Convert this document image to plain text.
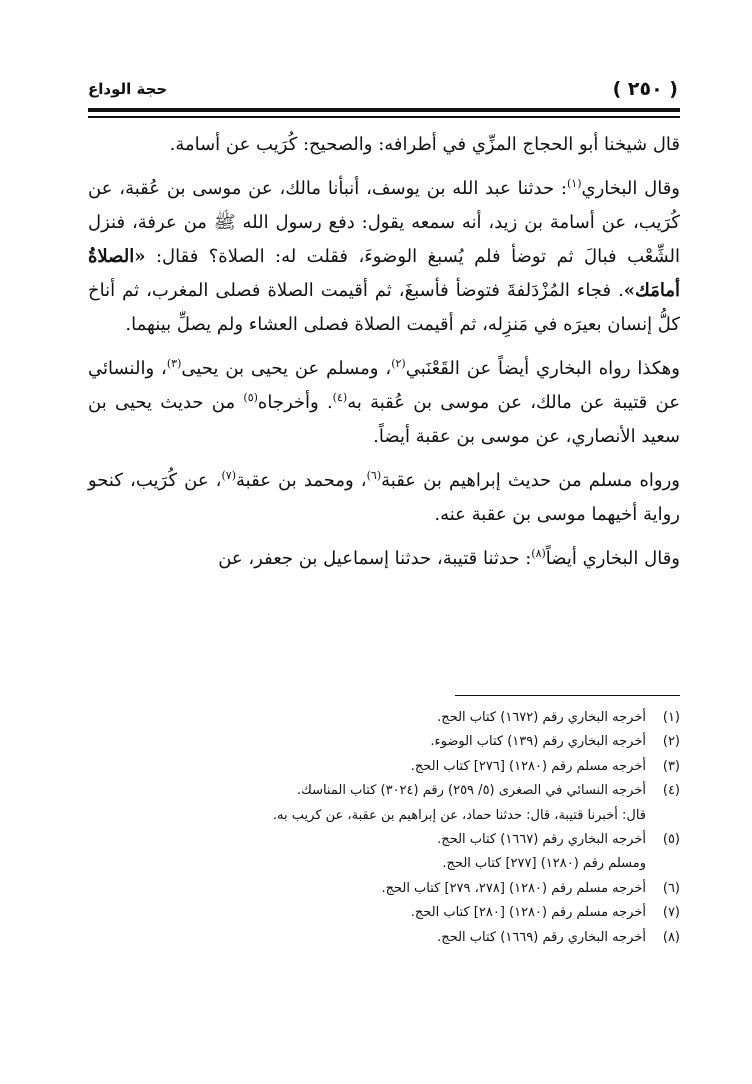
( ٢٥٠ )
حجة الوداع

قال شيخنا أبو الحجاج المزِّي في أطرافه: والصحيح: كُرَيب عن أسامة.

وقال البخاري$^{(١)}$: حدثنا عبد الله بن يوسف، أنبأنا مالك، عن موسى بن عُقبة، عن كُرَيب، عن أسامة بن زيد، أنه سمعه يقول: دفع رسول الله ﷺ من عرفة، فنزل الشِّعْب فبالَ ثم توضأ فلم يُسبغ الوضوءَ، فقلت له: الصلاة؟ فقال: «الصلاةُ أمامَك». فجاء المُزْدَلفةَ فتوضأ فأسبغَ، ثم أقيمت الصلاة فصلى المغرب، ثم أناخ كلُّ إنسان بعيرَه في مَنزِله، ثم أقيمت الصلاة فصلى العشاء ولم يصلِّ بينهما.

وهكذا رواه البخاري أيضاً عن القَعْنَبي$^{(٢)}$، ومسلم عن يحيى بن يحيى$^{(٣)}$، والنسائي عن قتيبة عن مالك، عن موسى بن عُقبة به$^{(٤)}$. وأخرجاه$^{(٥)}$ من حديث يحيى بن سعيد الأنصاري، عن موسى بن عقبة أيضاً.

ورواه مسلم من حديث إبراهيم بن عقبة$^{(٦)}$، ومحمد بن عقبة$^{(٧)}$، عن كُرَيب، كنحو رواية أخيهما موسى بن عقبة عنه.

وقال البخاري أيضاً$^{(٨)}$: حدثنا قتيبة، حدثنا إسماعيل بن جعفر، عن

(١)أخرجه البخاري رقم (١٦٧٢) كتاب الحج.
(٢)أخرجه البخاري رقم (١٣٩) كتاب الوضوء.
(٣)أخرجه مسلم رقم (١٢٨٠) [٢٧٦] كتاب الحج.
(٤)أخرجه النسائي في الصغرى (٥/ ٢٥٩) رقم (٣٠٢٤) كتاب المناسك.
قال: أخبرنا قتيبة، قال: حدثنا حماد، عن إبراهيم بن عقبة، عن كريب به.
(٥)أخرجه البخاري رقم (١٦٦٧) كتاب الحج.
ومسلم رقم (١٢٨٠) [٢٧٧] كتاب الحج.
(٦)أخرجه مسلم رقم (١٢٨٠) [٢٧٨، ٢٧٩] كتاب الحج.
(٧)أخرجه مسلم رقم (١٢٨٠) [٢٨٠] كتاب الحج.
(٨)أخرجه البخاري رقم (١٦٦٩) كتاب الحج.
